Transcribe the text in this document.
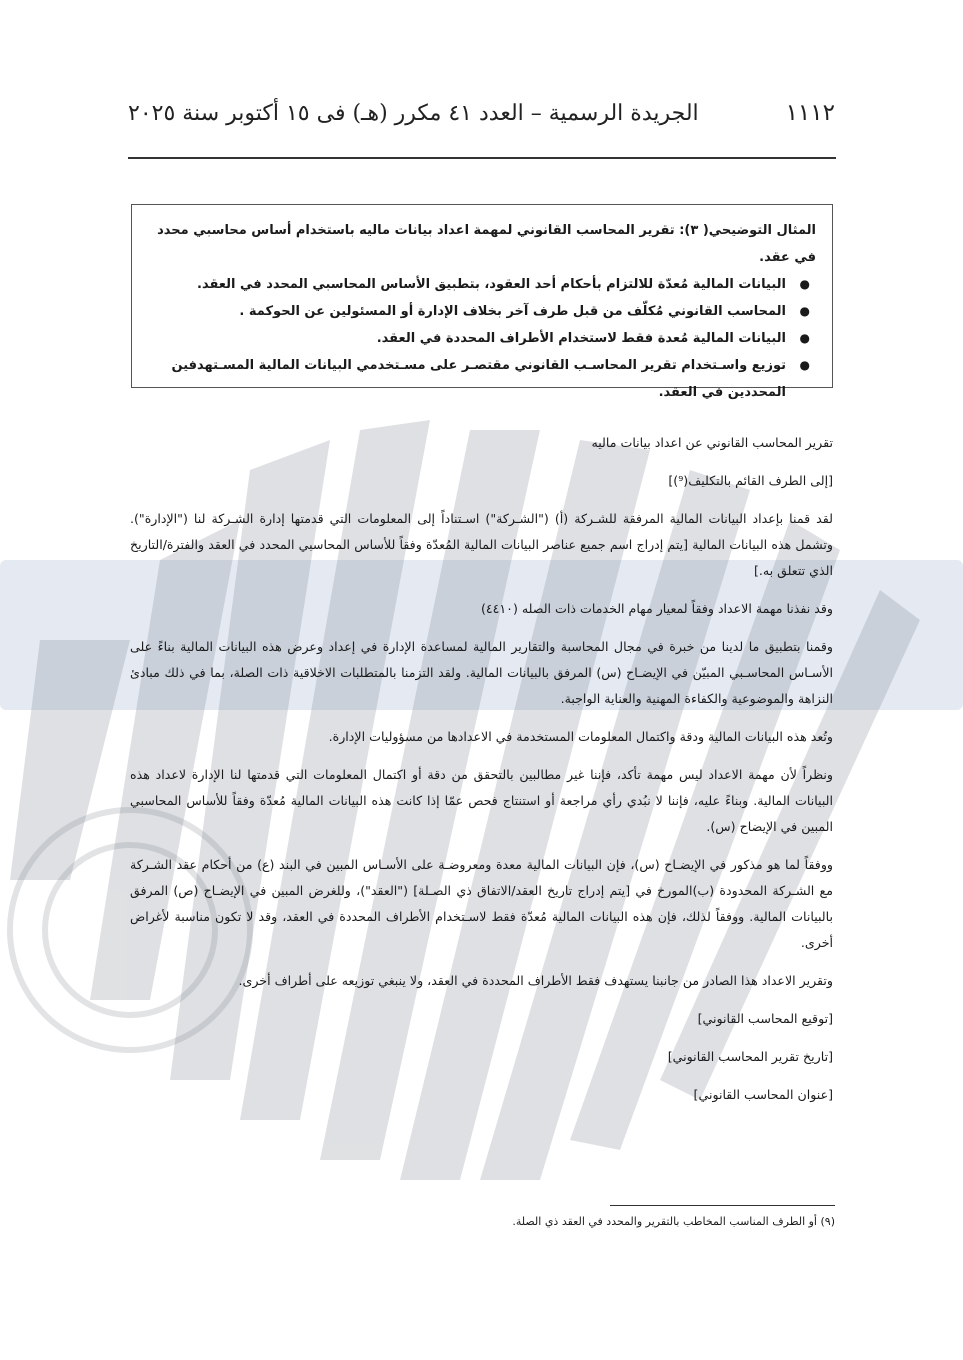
١١١٢
الجريدة الرسمية – العدد ٤١ مكرر (هـ) فى ١٥ أكتوبر سنة ٢٠٢٥
المثال التوضيحي( ٣): تقرير المحاسب القانوني لمهمة اعداد بيانات ماليه باستخدام أساس محاسبي محدد في عقد.
●
البيانات المالية مُعدّة للالتزام بأحكام أحد العقود، بتطبيق الأساس المحاسبي المحدد في العقد.
●
المحاسب القانوني مُكلّف من قبل طرف آخر بخلاف الإدارة أو المسئولين عن الحوكمة .
●
البيانات المالية مُعدة فقط لاستخدام الأطراف المحددة في العقد.
●
توزيع واسـتخدام تقرير المحاسـب القانوني مقتصـر على مسـتخدمي البيانات المالية المسـتهدفين المحددين في العقد.

تقرير المحاسب القانوني عن اعداد بيانات ماليه

[إلى الطرف القائم بالتكليف(⁹)]

لقد قمنا بإعداد البيانات المالية المرفقة للشـركة (أ) ("الشـركة") اسـتناداً إلى المعلومات التي قدمتها إدارة الشـركة لنا ("الإدارة"). وتشمل هذه البيانات المالية [يتم إدراج اسم جميع عناصر البيانات المالية المُعدّة وفقاً للأساس المحاسبي المحدد في العقد والفترة/التاريخ الذي تتعلق به.]

وقد نفذنا مهمة الاعداد وفقاً لمعيار مهام الخدمات ذات الصله (٤٤١٠)

وقمنا بتطبيق ما لدينا من خبرة في مجال المحاسبة والتقارير المالية لمساعدة الإدارة في إعداد وعرض هذه البيانات المالية بناءً على الأسـاس المحاسـبي المبيّن في الإيضـاح (س) المرفق بالبيانات المالية. ولقد التزمنا بالمتطلبات الاخلاقية ذات الصلة، بما في ذلك مبادئ النزاهة والموضوعية والكفاءة المهنية والعناية الواجبة.

وتُعد هذه البيانات المالية ودقة واكتمال المعلومات المستخدمة في الاعدادها من مسؤوليات الإدارة.

ونظراً لأن مهمة الاعداد ليس مهمة تأكد، فإننا غير مطالبين بالتحقق من دقة أو اكتمال المعلومات التي قدمتها لنا الإدارة لاعداد هذه البيانات المالية. وبناءً عليه، فإننا لا نبُدي رأي مراجعة أو استنتاج فحص عمّا إذا كانت هذه البيانات المالية مُعدّة وفقاً للأساس المحاسبي المبين في الإيضاح (س).

ووفقاً لما هو مذكور في الإيضـاح (س)، فإن البيانات المالية معدة ومعروضـة على الأسـاس المبين في البند (ع) من أحكام عقد الشـركة مع الشـركة المحدودة (ب)المورخ في [يتم إدراج تاريخ العقد/الاتفاق ذي الصـلة] ("العقد")، وللغرض المبين في الإيضـاح (ص) المرفق بالبيانات المالية. ووفقاً لذلك، فإن هذه البيانات المالية مُعدّة فقط لاسـتخدام الأطراف المحددة في العقد، وقد لا تكون مناسبة لأغراض أخرى.

وتقرير الاعداد هذا الصادر من جانبنا يستهدف فقط الأطراف المحددة في العقد، ولا ينبغي توزيعه على أطراف أخرى.

[توقيع المحاسب القانوني]

[تاريخ تقرير المحاسب القانوني]

[عنوان المحاسب القانوني]

(٩) أو الطرف المناسب المخاطب بالتقرير والمحدد في العقد ذي الصلة.
